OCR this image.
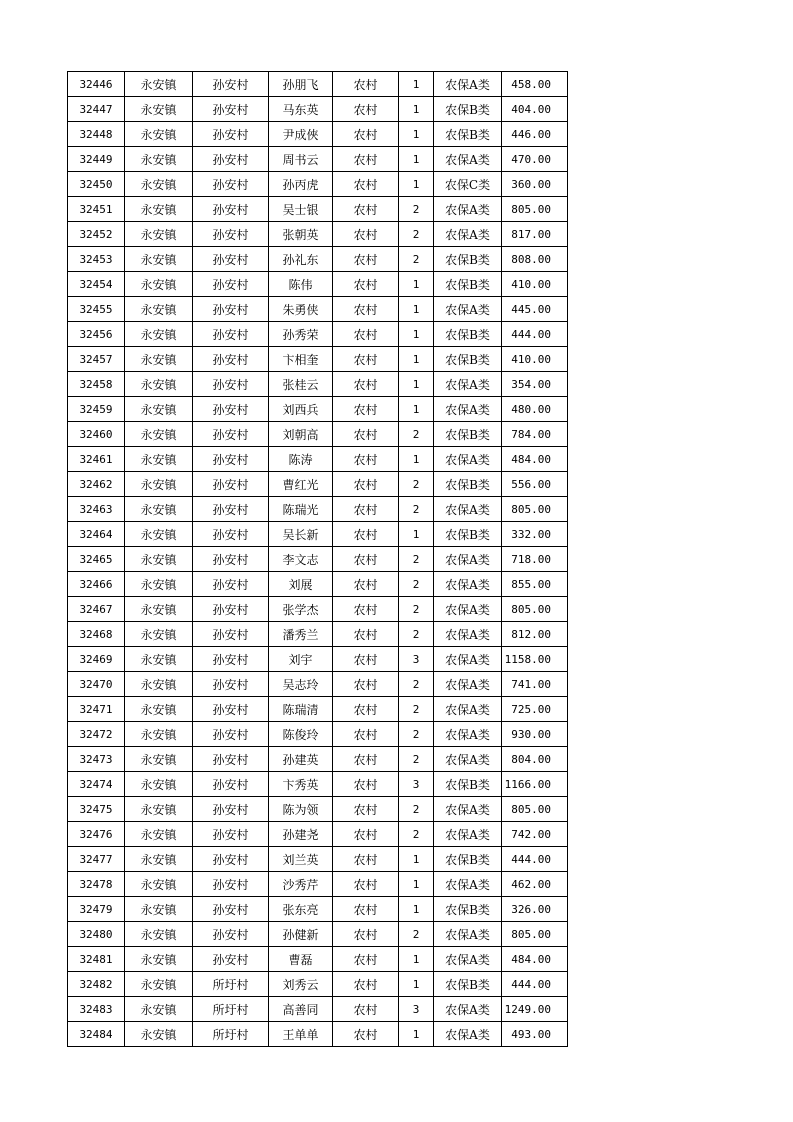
32446	永安镇	孙安村	孙朋飞	农村	1	农保A类	458.00
32447	永安镇	孙安村	马东英	农村	1	农保B类	404.00
32448	永安镇	孙安村	尹成俠	农村	1	农保B类	446.00
32449	永安镇	孙安村	周书云	农村	1	农保A类	470.00
32450	永安镇	孙安村	孙丙虎	农村	1	农保C类	360.00
32451	永安镇	孙安村	吴士银	农村	2	农保A类	805.00
32452	永安镇	孙安村	张朝英	农村	2	农保A类	817.00
32453	永安镇	孙安村	孙礼东	农村	2	农保B类	808.00
32454	永安镇	孙安村	陈伟	农村	1	农保B类	410.00
32455	永安镇	孙安村	朱勇侠	农村	1	农保A类	445.00
32456	永安镇	孙安村	孙秀荣	农村	1	农保B类	444.00
32457	永安镇	孙安村	卞相奎	农村	1	农保B类	410.00
32458	永安镇	孙安村	张桂云	农村	1	农保A类	354.00
32459	永安镇	孙安村	刘西兵	农村	1	农保A类	480.00
32460	永安镇	孙安村	刘朝高	农村	2	农保B类	784.00
32461	永安镇	孙安村	陈涛	农村	1	农保A类	484.00
32462	永安镇	孙安村	曹红光	农村	2	农保B类	556.00
32463	永安镇	孙安村	陈瑞光	农村	2	农保A类	805.00
32464	永安镇	孙安村	吴长新	农村	1	农保B类	332.00
32465	永安镇	孙安村	李文志	农村	2	农保A类	718.00
32466	永安镇	孙安村	刘展	农村	2	农保A类	855.00
32467	永安镇	孙安村	张学杰	农村	2	农保A类	805.00
32468	永安镇	孙安村	潘秀兰	农村	2	农保A类	812.00
32469	永安镇	孙安村	刘宇	农村	3	农保A类	1158.00
32470	永安镇	孙安村	吴志玲	农村	2	农保A类	741.00
32471	永安镇	孙安村	陈瑞清	农村	2	农保A类	725.00
32472	永安镇	孙安村	陈俊玲	农村	2	农保A类	930.00
32473	永安镇	孙安村	孙建英	农村	2	农保A类	804.00
32474	永安镇	孙安村	卞秀英	农村	3	农保B类	1166.00
32475	永安镇	孙安村	陈为领	农村	2	农保A类	805.00
32476	永安镇	孙安村	孙建尧	农村	2	农保A类	742.00
32477	永安镇	孙安村	刘兰英	农村	1	农保B类	444.00
32478	永安镇	孙安村	沙秀芹	农村	1	农保A类	462.00
32479	永安镇	孙安村	张东亮	农村	1	农保B类	326.00
32480	永安镇	孙安村	孙健新	农村	2	农保A类	805.00
32481	永安镇	孙安村	曹磊	农村	1	农保A类	484.00
32482	永安镇	所圩村	刘秀云	农村	1	农保B类	444.00
32483	永安镇	所圩村	高善同	农村	3	农保A类	1249.00
32484	永安镇	所圩村	王单单	农村	1	农保A类	493.00
